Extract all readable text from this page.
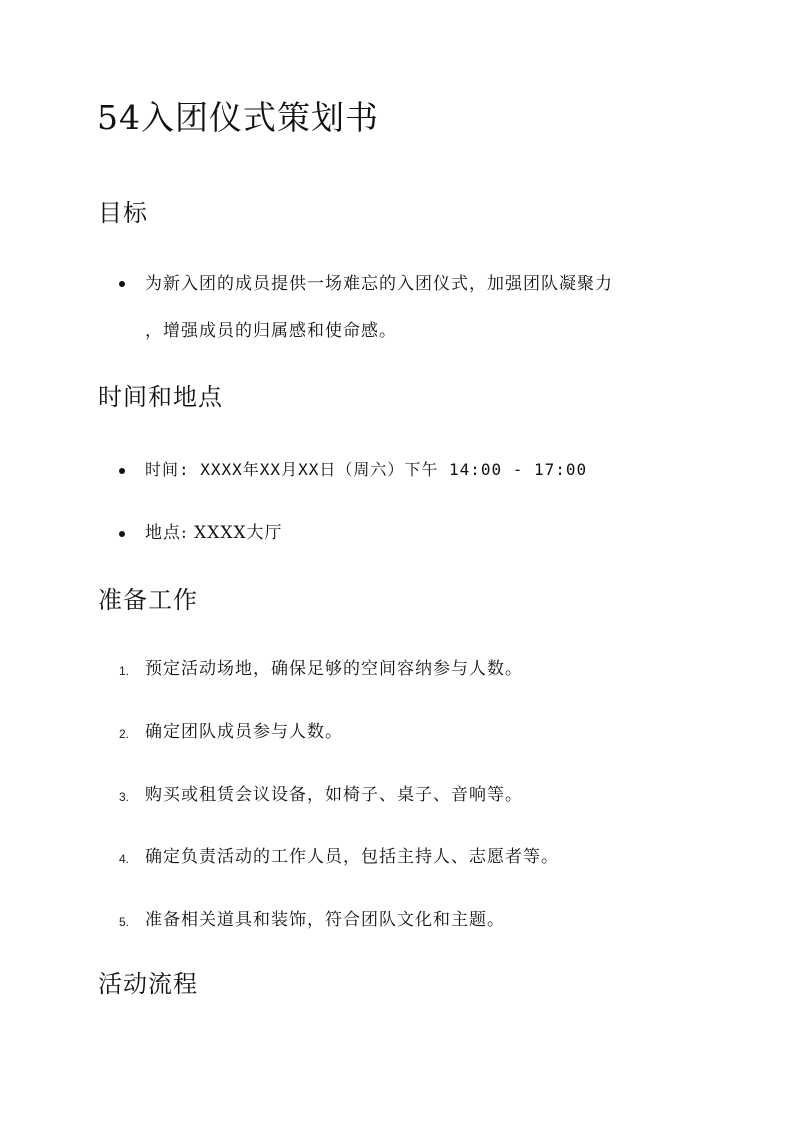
54入团仪式策划书
目标
为新入团的成员提供一场难忘的入团仪式，加强团队凝聚力
，增强成员的归属感和使命感。
时间和地点
时间: XXXX年XX月XX日（周六）下午 14:00 - 17:00
地点: XXXX大厅
准备工作
1. 预定活动场地，确保足够的空间容纳参与人数。
2. 确定团队成员参与人数。
3. 购买或租赁会议设备，如椅子、桌子、音响等。
4. 确定负责活动的工作人员，包括主持人、志愿者等。
5. 准备相关道具和装饰，符合团队文化和主题。
活动流程
